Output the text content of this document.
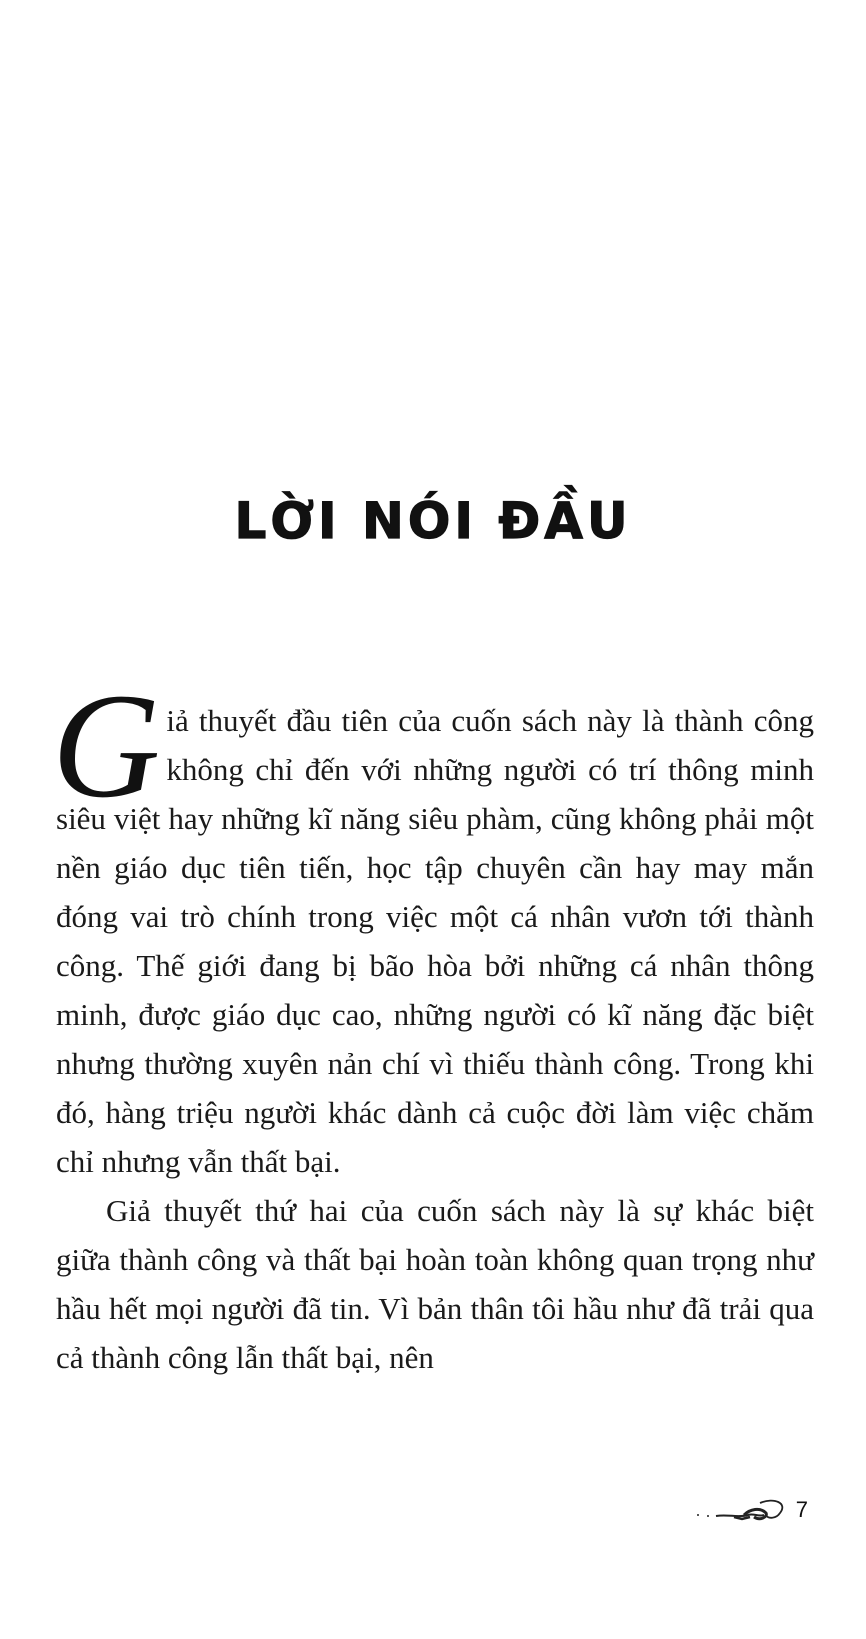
LỜI NÓI ĐẦU

Giả thuyết đầu tiên của cuốn sách này là thành công không chỉ đến với những người có trí thông minh siêu việt hay những kĩ năng siêu phàm, cũng không phải một nền giáo dục tiên tiến, học tập chuyên cần hay may mắn đóng vai trò chính trong việc một cá nhân vươn tới thành công. Thế giới đang bị bão hòa bởi những cá nhân thông minh, được giáo dục cao, những người có kĩ năng đặc biệt nhưng thường xuyên nản chí vì thiếu thành công. Trong khi đó, hàng triệu người khác dành cả cuộc đời làm việc chăm chỉ nhưng vẫn thất bại.

Giả thuyết thứ hai của cuốn sách này là sự khác biệt giữa thành công và thất bại hoàn toàn không quan trọng như hầu hết mọi người đã tin. Vì bản thân tôi hầu như đã trải qua cả thành công lẫn thất bại, nên

7
